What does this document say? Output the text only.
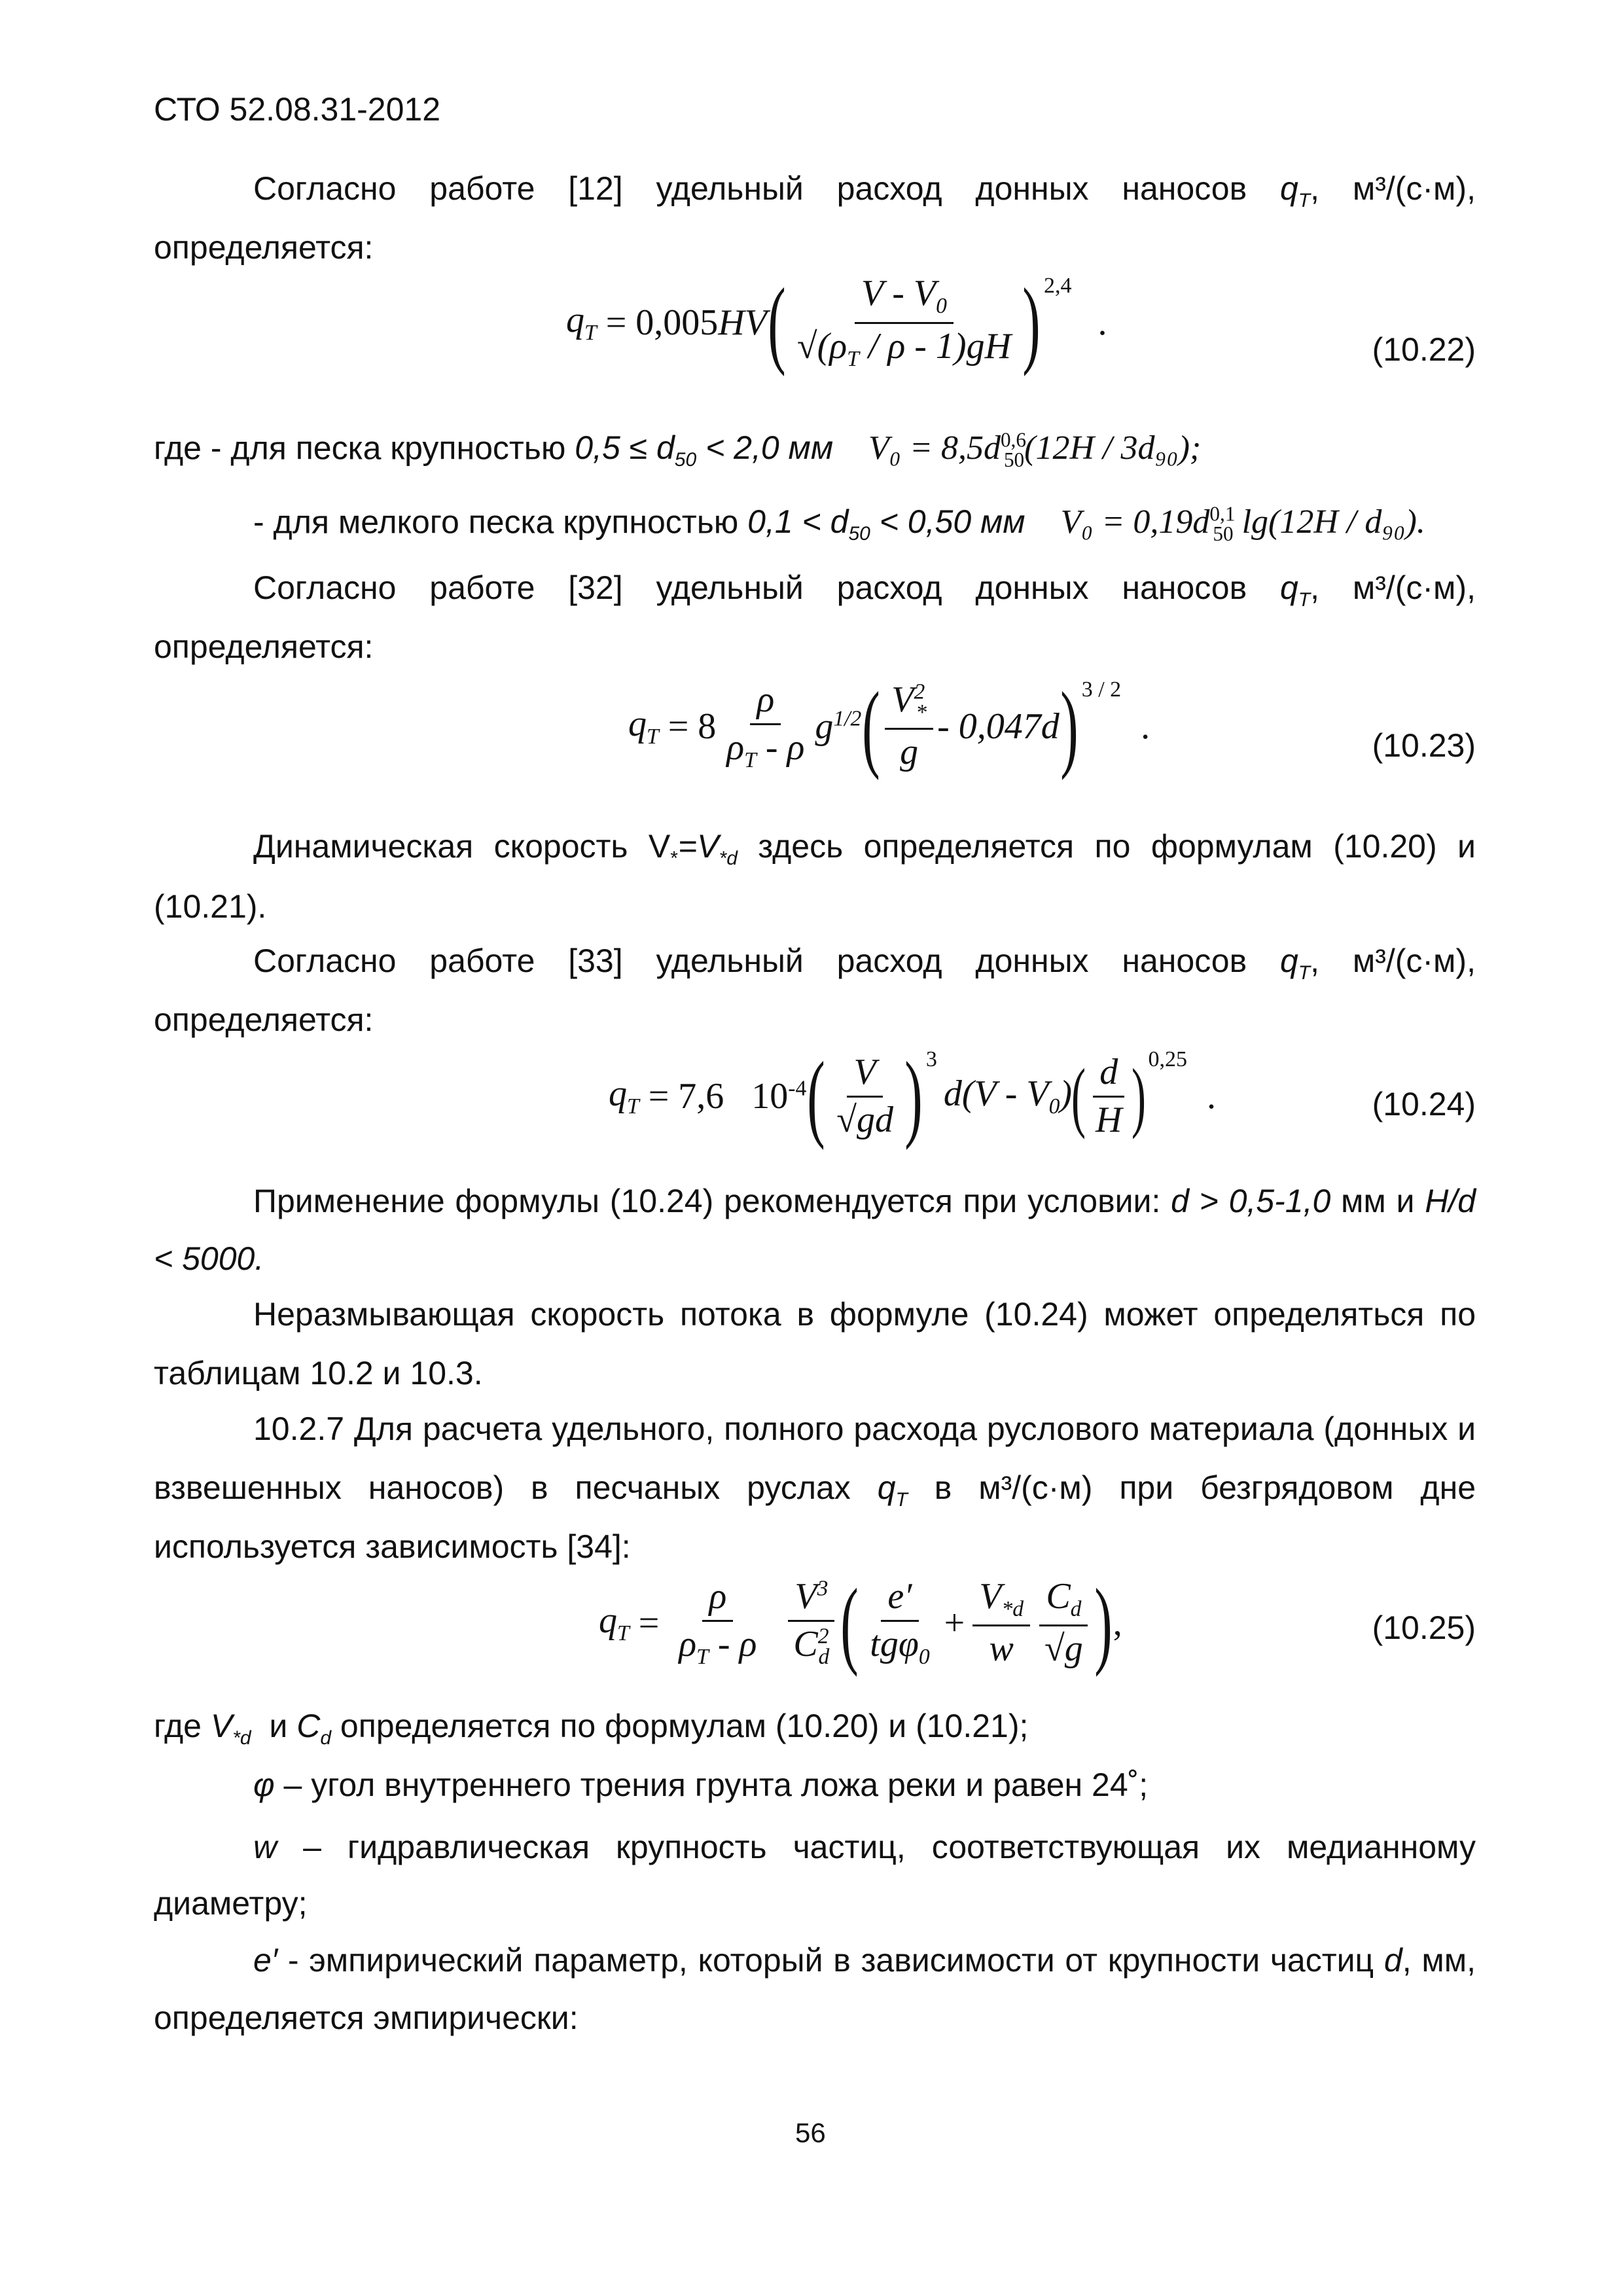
СТО 52.08.31-2012
Согласно работе [12] удельный расход донных наносов $q_T$, м³/(с·м),
определяется:
$q_T = 0,005$ HV ( $\frac{V - V_0}{√(\rho_T / \rho - 1)gH}$ ) 2,4
.
(10.22)
где - для песка крупностью $0,5 \le d_{50} < 2,0$ мм $V_0 = 8,5d^{0,6}_{50}(12H / 3d_{90})$;
- для мелкого песка крупностью $0,1 < d_{50} < 0,50$ мм $V_0 = 0,19d^{0,1}_{50}$ lg(12H / d₉₀).
Согласно работе [32] удельный расход донных наносов $q_T$, м³/(с·м),
определяется:
$q_T = 8 \frac{\rho}{\rho_T - \rho} g^{1/2}$ ( $\frac{V^2_*}{g} - 0,047d$ ) 3 / 2
.	(10.23)
Динамическая скорость $V_*=V_{*d}$ здесь определяется по формулам (10.20) и
(10.21).
Согласно работе [33] удельный расход донных наносов $q_T$, м³/(с·м),
определяется:
$q_T = 7,6$   $10^{-4}$ ( $\frac{V}{√gd}$ ) 3
$d(V - V_0)$
( $\frac{d}{H}$ ) 0,25
.	(10.24)
Применение формулы (10.24) рекомендуется при условии: d > 0,5-1,0 мм и H/d
< 5000.
Неразмывающая скорость потока в формуле (10.24) может определяться по
таблицам 10.2 и 10.3.
10.2.7 Для расчета удельного, полного расхода руслового материала (донных и
взвешенных наносов) в песчаных руслах $q_T$ в м³/(с·м) при безгрядовом дне
используется зависимость [34]:
$q_T = \frac{\rho}{\rho_T - \rho} \frac{V^3}{C^2_d}$ ( $\frac{e'}{tg\varphi_0} + \frac{V_{*d}}{w} \frac{C_d}{√g}$ ) ,	(10.25)
где $V_{*d}$  и $C_d$ определяется по формулам (10.20) и (10.21);
φ – угол внутреннего трения грунта ложа реки и равен 24˚;
w – гидравлическая крупность частиц, соответствующая их медианному
диаметру;
e′ - эмпирический параметр, который в зависимости от крупности частиц d, мм,
определяется эмпирически:
56
